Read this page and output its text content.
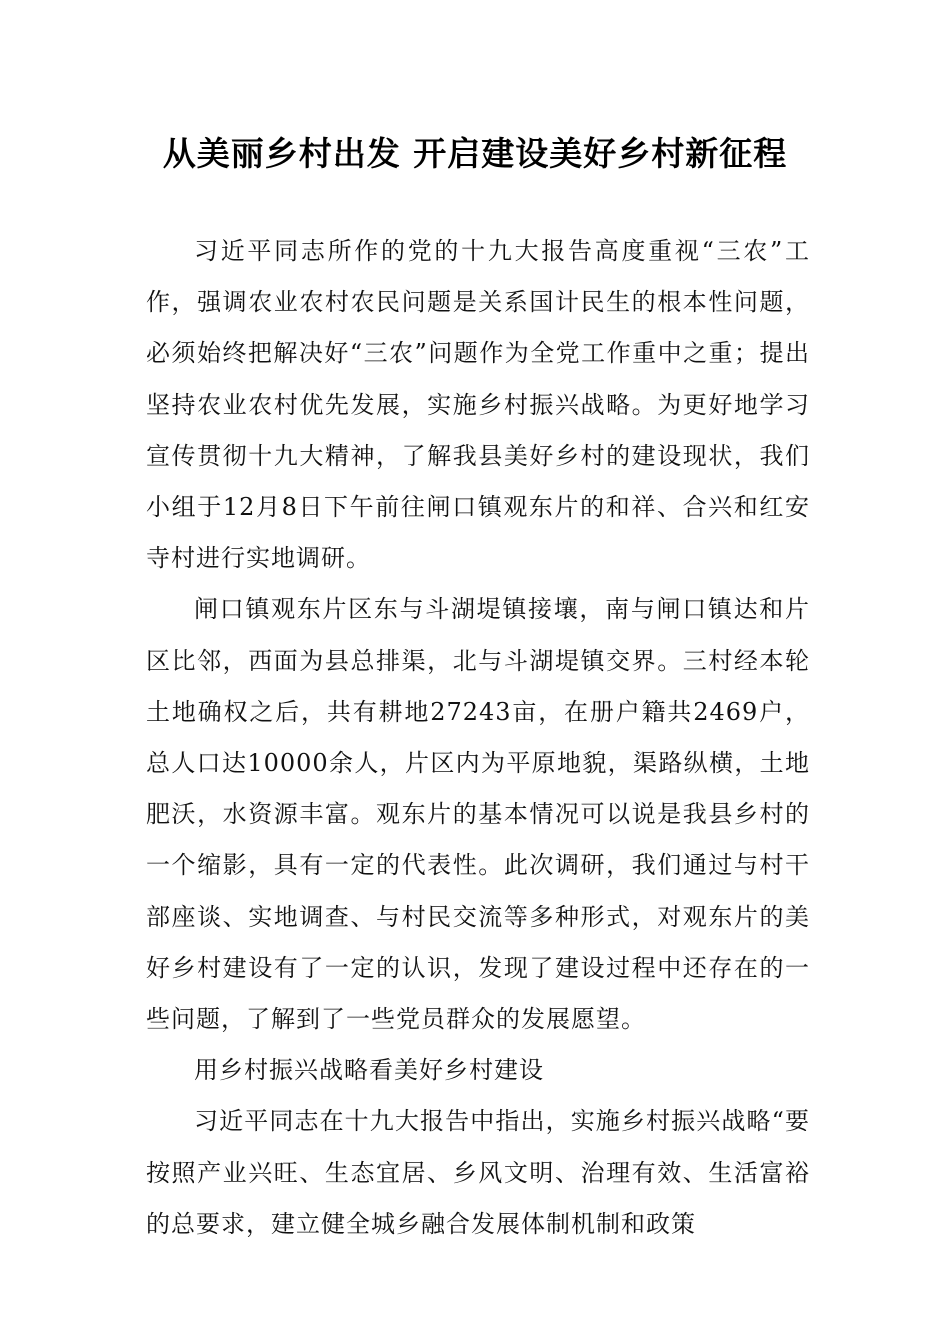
从美丽乡村出发 开启建设美好乡村新征程

习近平同志所作的党的十九大报告高度重视“三农”工作，强调农业农村农民问题是关系国计民生的根本性问题，必须始终把解决好“三农”问题作为全党工作重中之重；提出坚持农业农村优先发展，实施乡村振兴战略。为更好地学习宣传贯彻十九大精神，了解我县美好乡村的建设现状，我们小组于12月8日下午前往闸口镇观东片的和祥、合兴和红安寺村进行实地调研。

闸口镇观东片区东与斗湖堤镇接壤，南与闸口镇达和片区比邻，西面为县总排渠，北与斗湖堤镇交界。三村经本轮土地确权之后，共有耕地27243亩，在册户籍共2469户，总人口达10000余人，片区内为平原地貌，渠路纵横，土地肥沃，水资源丰富。观东片的基本情况可以说是我县乡村的一个缩影，具有一定的代表性。此次调研，我们通过与村干部座谈、实地调查、与村民交流等多种形式，对观东片的美好乡村建设有了一定的认识，发现了建设过程中还存在的一些问题，了解到了一些党员群众的发展愿望。

用乡村振兴战略看美好乡村建设

习近平同志在十九大报告中指出，实施乡村振兴战略“要按照产业兴旺、生态宜居、乡风文明、治理有效、生活富裕的总要求，建立健全城乡融合发展体制机制和政策
